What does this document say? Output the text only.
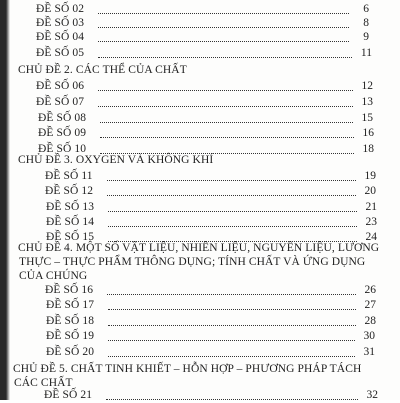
ĐỀ SỐ 02	6
ĐỀ SỐ 03	8
ĐỀ SỐ 04	9
ĐỀ SỐ 05	11
CHỦ ĐỀ 2. CÁC THỂ CỦA CHẤT
ĐỀ SỐ 06	12
ĐỀ SỐ 07	13
ĐỀ SỐ 08	15
ĐỀ SỐ 09	16
ĐỀ SỐ 10	18
CHỦ ĐỀ 3. OXYGEN VÀ KHÔNG KHÍ
ĐỀ SỐ 11	19
ĐỀ SỐ 12	20
ĐỀ SỐ 13	21
ĐỀ SỐ 14	23
ĐỀ SỐ 15	24
CHỦ ĐỀ 4. MỘT SỐ VẬT LIỆU, NHIÊN LIỆU, NGUYÊN LIỆU, LƯƠNG
THỰC – THỰC PHẨM THÔNG DỤNG; TÍNH CHẤT VÀ ỨNG DỤNG
CỦA CHÚNG
ĐỀ SỐ 16	26
ĐỀ SỐ 17	27
ĐỀ SỐ 18	28
ĐỀ SỐ 19	30
ĐỀ SỐ 20	31
CHỦ ĐỀ 5. CHẤT TINH KHIẾT – HỖN HỢP – PHƯƠNG PHÁP TÁCH
CÁC CHẤT
ĐỀ SỐ 21	32
